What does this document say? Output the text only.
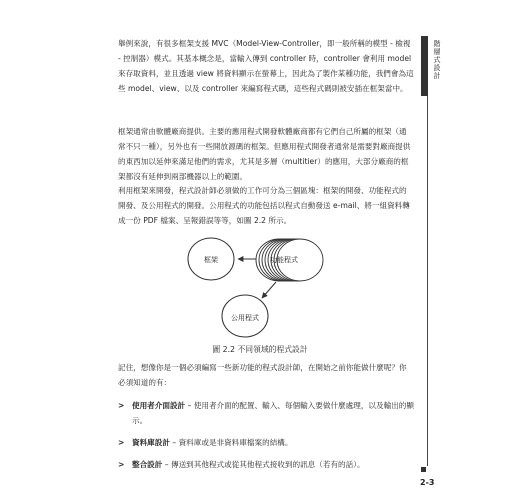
舉例來說，有很多框架支援 MVC（Model-View-Controller，即一般所稱的模型 - 檢視 - 控制器）模式。其基本概念是，當輸入傳到 controller 時，controller 會利用 model 來存取資料，並且透過 view 將資料顯示在螢幕上，因此為了製作某種功能，我們會為這些 model、view、以及 controller 來編寫程式碼，這些程式碼則被安插在框架當中。

框架通常由軟體廠商提供。主要的應用程式開發軟體廠商都有它們自己所屬的框架（通常不只一種），另外也有一些開放源碼的框架。但應用程式開發者通常是需要對廠商提供的東西加以延伸來滿足他們的需求，尤其是多層（multitier）的應用，大部分廠商的框架都沒有延伸到兩部機器以上的範圍。

利用框架來開發，程式設計師必須做的工作可分為三個區塊：框架的開發、功能程式的開發、及公用程式的開發。公用程式的功能包括以程式自動發送 e-mail、將一組資料轉成一份 PDF 檔案、呈報錯誤等等，如圖 2.2 所示。

框架	功能程式
公用程式
圖 2.2 不同領域的程式設計

記住，想像你是一個必須編寫一些新功能的程式設計師，在開始之前你能做什麼呢？你必須知道的有：

> 使用者介面設計 – 使用者介面的配置、輸入、每個輸入要做什麼處理，以及輸出的顯示。
> 資料庫設計 – 資料庫或是非資料庫檔案的結構。
> 整合設計 – 傳送到其他程式或從其他程式接收到的訊息（若有的話）。
階層式設計
2-3
